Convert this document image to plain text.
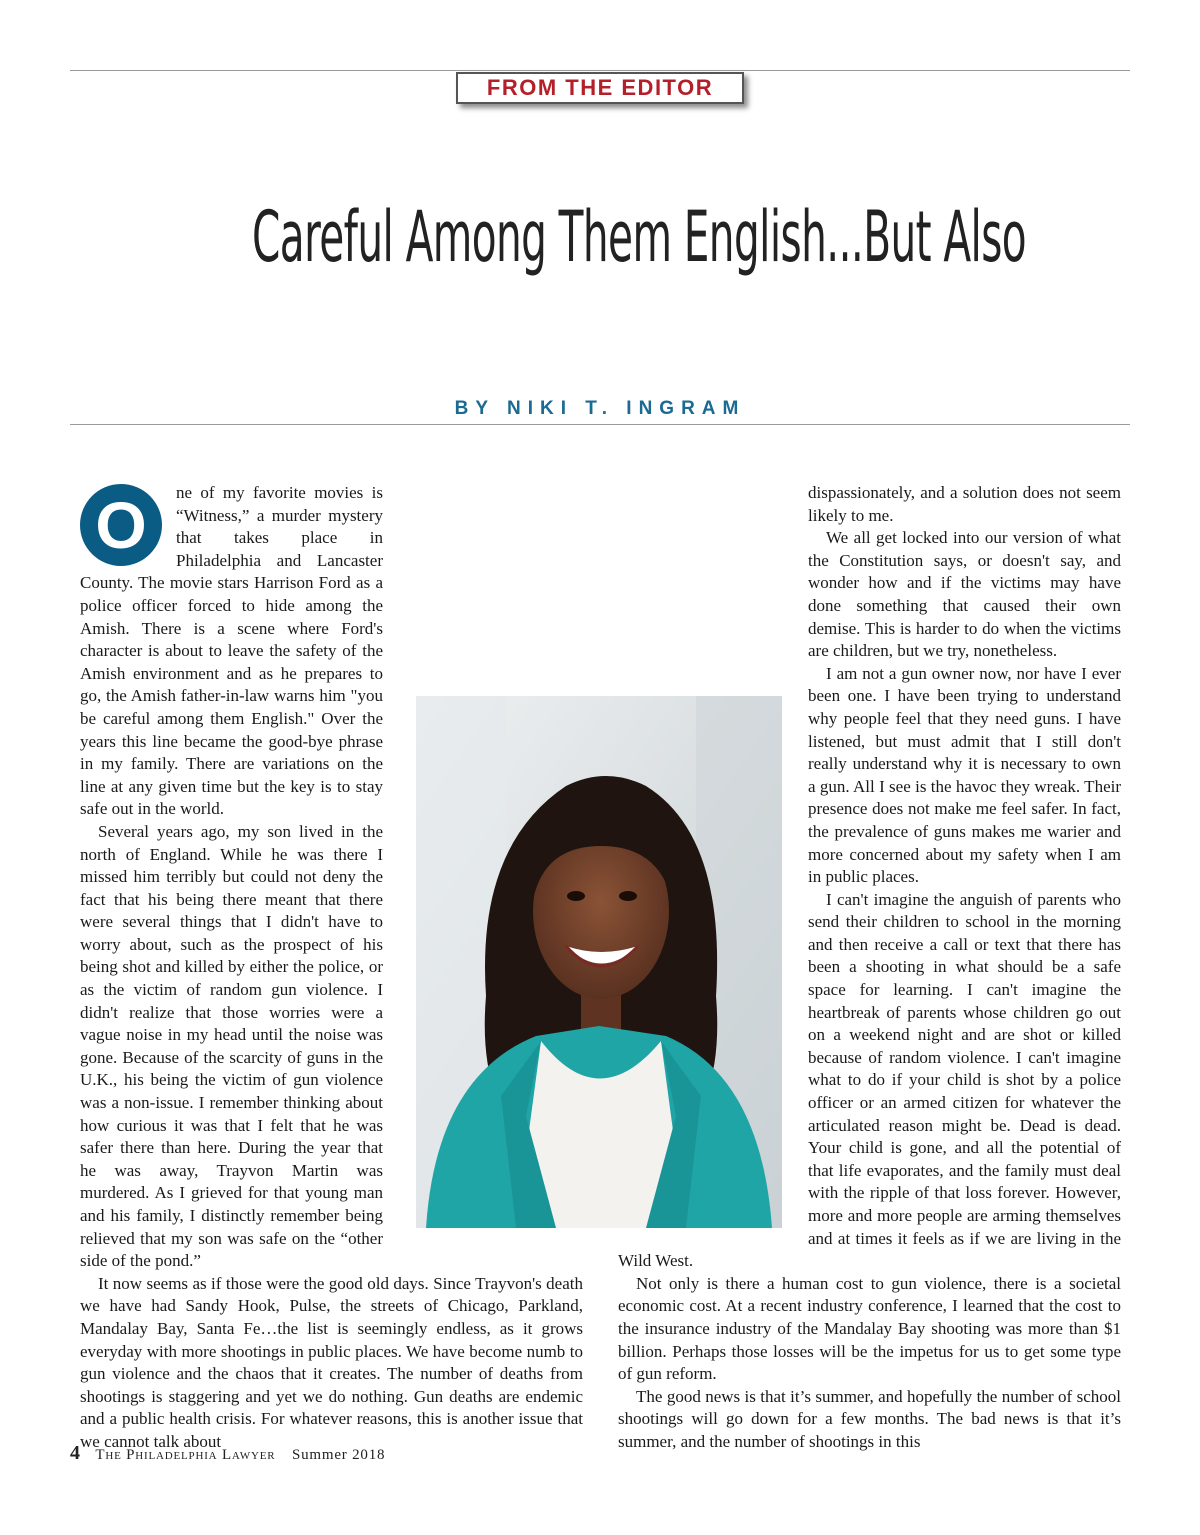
FROM THE EDITOR
Careful Among Them English...But Also
BY NIKI T. INGRAM
O	ne of my favorite movies is “Witness,” a murder mystery that takes place in Philadelphia and Lancaster County. The movie stars Harrison Ford as a police officer forced to hide among the Amish. There is a scene where Ford's character is about to leave the safety of the Amish environment and as he prepares to go, the Amish father-in-law warns him "you be careful among them English." Over the years this line became the good-bye phrase in my family. There are variations on the line at any given time but the key is to stay safe out in the world.

Several years ago, my son lived in the north of England. While he was there I missed him terribly but could not deny the fact that his being there meant that there were several things that I didn't have to worry about, such as the prospect of his being shot and killed by either the police, or as the victim of random gun violence. I didn't realize that those worries were a vague noise in my head until the noise was gone. Because of the scarcity of guns in the U.K., his being the victim of gun violence was a non-issue. I remember thinking about how curious it was that I felt that he was safer there than here. During the year that he was away, Trayvon Martin was murdered. As I grieved for that young man and his family, I distinctly remember being relieved that my son was safe on the “other side of the pond.”

It now seems as if those were the good old days. Since Trayvon's death we have had Sandy Hook, Pulse, the streets of Chicago, Parkland, Mandalay Bay, Santa Fe…the list is seemingly endless, as it grows everyday with more shootings in public places. We have become numb to gun violence and the chaos that it creates. The number of deaths from shootings is staggering and yet we do nothing. Gun deaths are endemic and a public health crisis. For whatever reasons, this is another issue that we cannot talk about

dispassionately, and a solution does not seem likely to me.

We all get locked into our version of what the Constitution says, or doesn't say, and wonder how and if the victims may have done something that caused their own demise. This is harder to do when the victims are children, but we try, nonetheless.

I am not a gun owner now, nor have I ever been one. I have been trying to understand why people feel that they need guns. I have listened, but must admit that I still don't really understand why it is necessary to own a gun. All I see is the havoc they wreak. Their presence does not make me feel safer. In fact, the prevalence of guns makes me warier and more concerned about my safety when I am in public places.

I can't imagine the anguish of parents who send their children to school in the morning and then receive a call or text that there has been a shooting in what should be a safe space for learning. I can't imagine the heartbreak of parents whose children go out on a weekend night and are shot or killed because of random violence. I can't imagine what to do if your child is shot by a police officer or an armed citizen for whatever the articulated reason might be. Dead is dead. Your child is gone, and all the potential of that life evaporates, and the family must deal with the ripple of that loss forever. However, more and more people are arming themselves and at times it feels as if we are living in the Wild West.

Not only is there a human cost to gun violence, there is a societal economic cost. At a recent industry conference, I learned that the cost to the insurance industry of the Mandalay Bay shooting was more than $1 billion. Perhaps those losses will be the impetus for us to get some type of gun reform.

The good news is that it’s summer, and hopefully the number of school shootings will go down for a few months. The bad news is that it’s summer, and the number of shootings in this

4 The Philadelphia Lawyer Summer 2018
